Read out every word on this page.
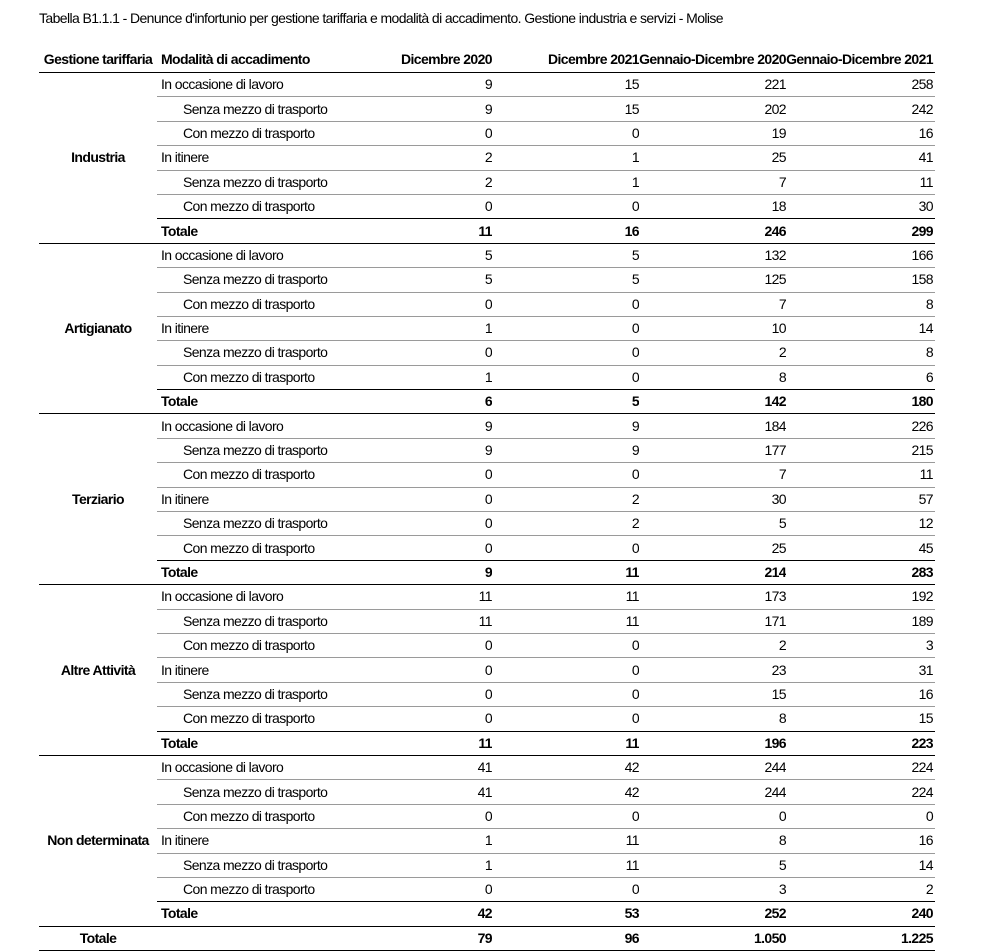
Tabella B1.1.1 - Denunce d'infortunio per gestione tariffaria e modalità di accadimento. Gestione industria e servizi - Molise
Gestione tariffaria	Modalità di accadimento	Dicembre 2020	Dicembre 2021	Gennaio-Dicembre 2020	Gennaio-Dicembre 2021
Industria	In occasione di lavoro	9	15	221	258
	Senza mezzo di trasporto	9	15	202	242
	Con mezzo di trasporto	0	0	19	16
	In itinere	2	1	25	41
	Senza mezzo di trasporto	2	1	7	11
	Con mezzo di trasporto	0	0	18	30
	Totale	11	16	246	299
Artigianato	In occasione di lavoro	5	5	132	166
	Senza mezzo di trasporto	5	5	125	158
	Con mezzo di trasporto	0	0	7	8
	In itinere	1	0	10	14
	Senza mezzo di trasporto	0	0	2	8
	Con mezzo di trasporto	1	0	8	6
	Totale	6	5	142	180
Terziario	In occasione di lavoro	9	9	184	226
	Senza mezzo di trasporto	9	9	177	215
	Con mezzo di trasporto	0	0	7	11
	In itinere	0	2	30	57
	Senza mezzo di trasporto	0	2	5	12
	Con mezzo di trasporto	0	0	25	45
	Totale	9	11	214	283
Altre Attività	In occasione di lavoro	11	11	173	192
	Senza mezzo di trasporto	11	11	171	189
	Con mezzo di trasporto	0	0	2	3
	In itinere	0	0	23	31
	Senza mezzo di trasporto	0	0	15	16
	Con mezzo di trasporto	0	0	8	15
	Totale	11	11	196	223
Non determinata	In occasione di lavoro	41	42	244	224
	Senza mezzo di trasporto	41	42	244	224
	Con mezzo di trasporto	0	0	0	0
	In itinere	1	11	8	16
	Senza mezzo di trasporto	1	11	5	14
	Con mezzo di trasporto	0	0	3	2
	Totale	42	53	252	240
Totale		79	96	1.050	1.225
